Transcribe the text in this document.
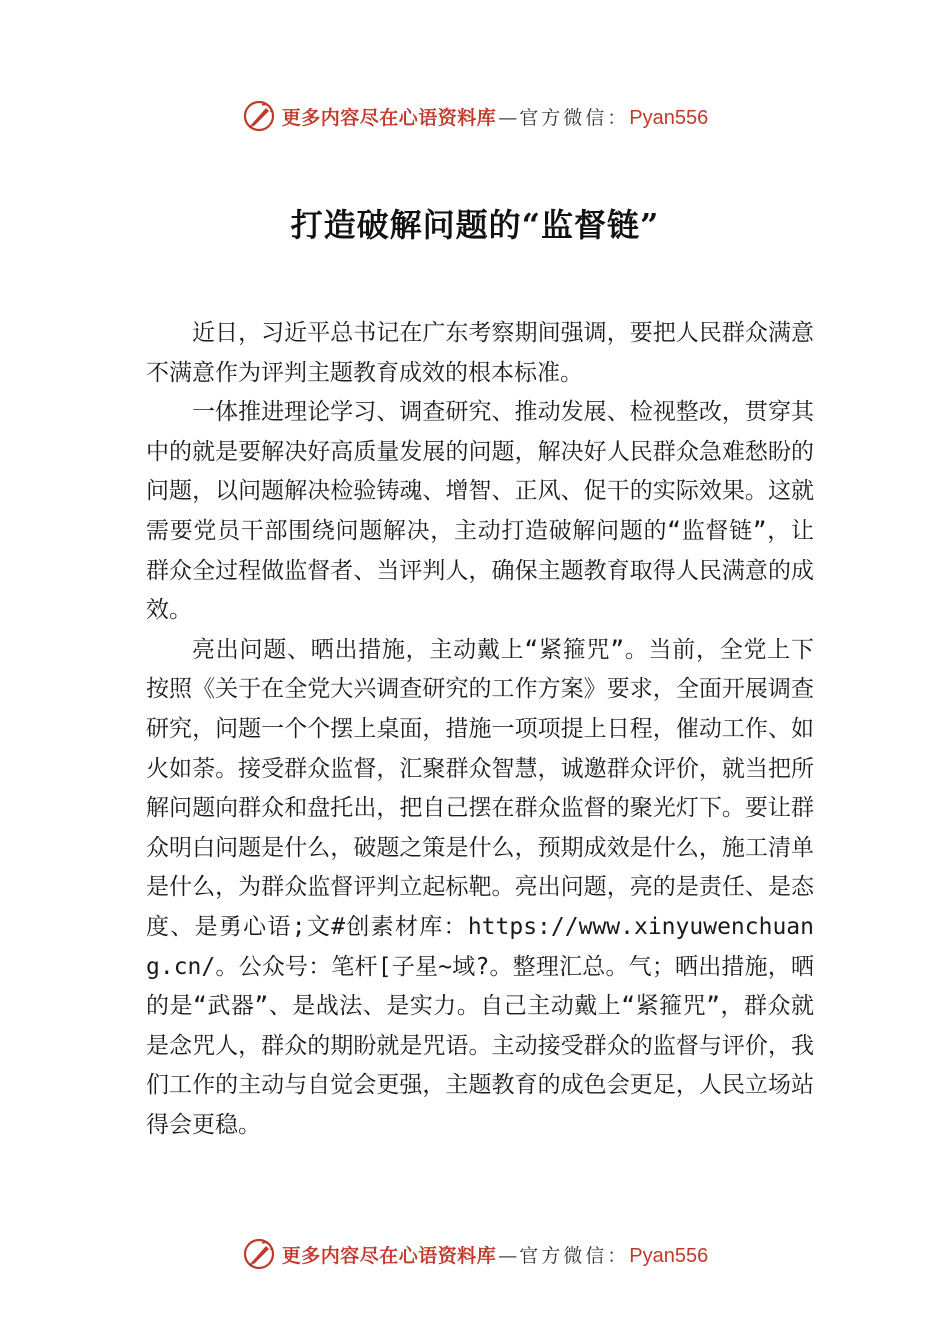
更多内容尽在心语资料库 — 官方微信： Pyan556
打造破解问题的“监督链”

近日，习近平总书记在广东考察期间强调，要把人民群众满意不满意作为评判主题教育成效的根本标准。

一体推进理论学习、调查研究、推动发展、检视整改，贯穿其中的就是要解决好高质量发展的问题，解决好人民群众急难愁盼的问题，以问题解决检验铸魂、增智、正风、促干的实际效果。这就需要党员干部围绕问题解决，主动打造破解问题的“监督链”，让群众全过程做监督者、当评判人，确保主题教育取得人民满意的成效。

亮出问题、晒出措施，主动戴上“紧箍咒”。当前，全党上下按照《关于在全党大兴调查研究的工作方案》要求，全面开展调查研究，问题一个个摆上桌面，措施一项项提上日程，催动工作、如火如荼。接受群众监督，汇聚群众智慧，诚邀群众评价，就当把所解问题向群众和盘托出，把自己摆在群众监督的聚光灯下。要让群众明白问题是什么，破题之策是什么，预期成效是什么，施工清单是什么，为群众监督评判立起标靶。亮出问题，亮的是责任、是态度、是勇心语;文#创素材库：https://www.xinyuwenchuang.cn/。公众号：笔杆[子星~域?。整理汇总。气；晒出措施，晒的是“武器”、是战法、是实力。自己主动戴上“紧箍咒”，群众就是念咒人，群众的期盼就是咒语。主动接受群众的监督与评价，我们工作的主动与自觉会更强，主题教育的成色会更足，人民立场站得会更稳。

更多内容尽在心语资料库 — 官方微信： Pyan556
